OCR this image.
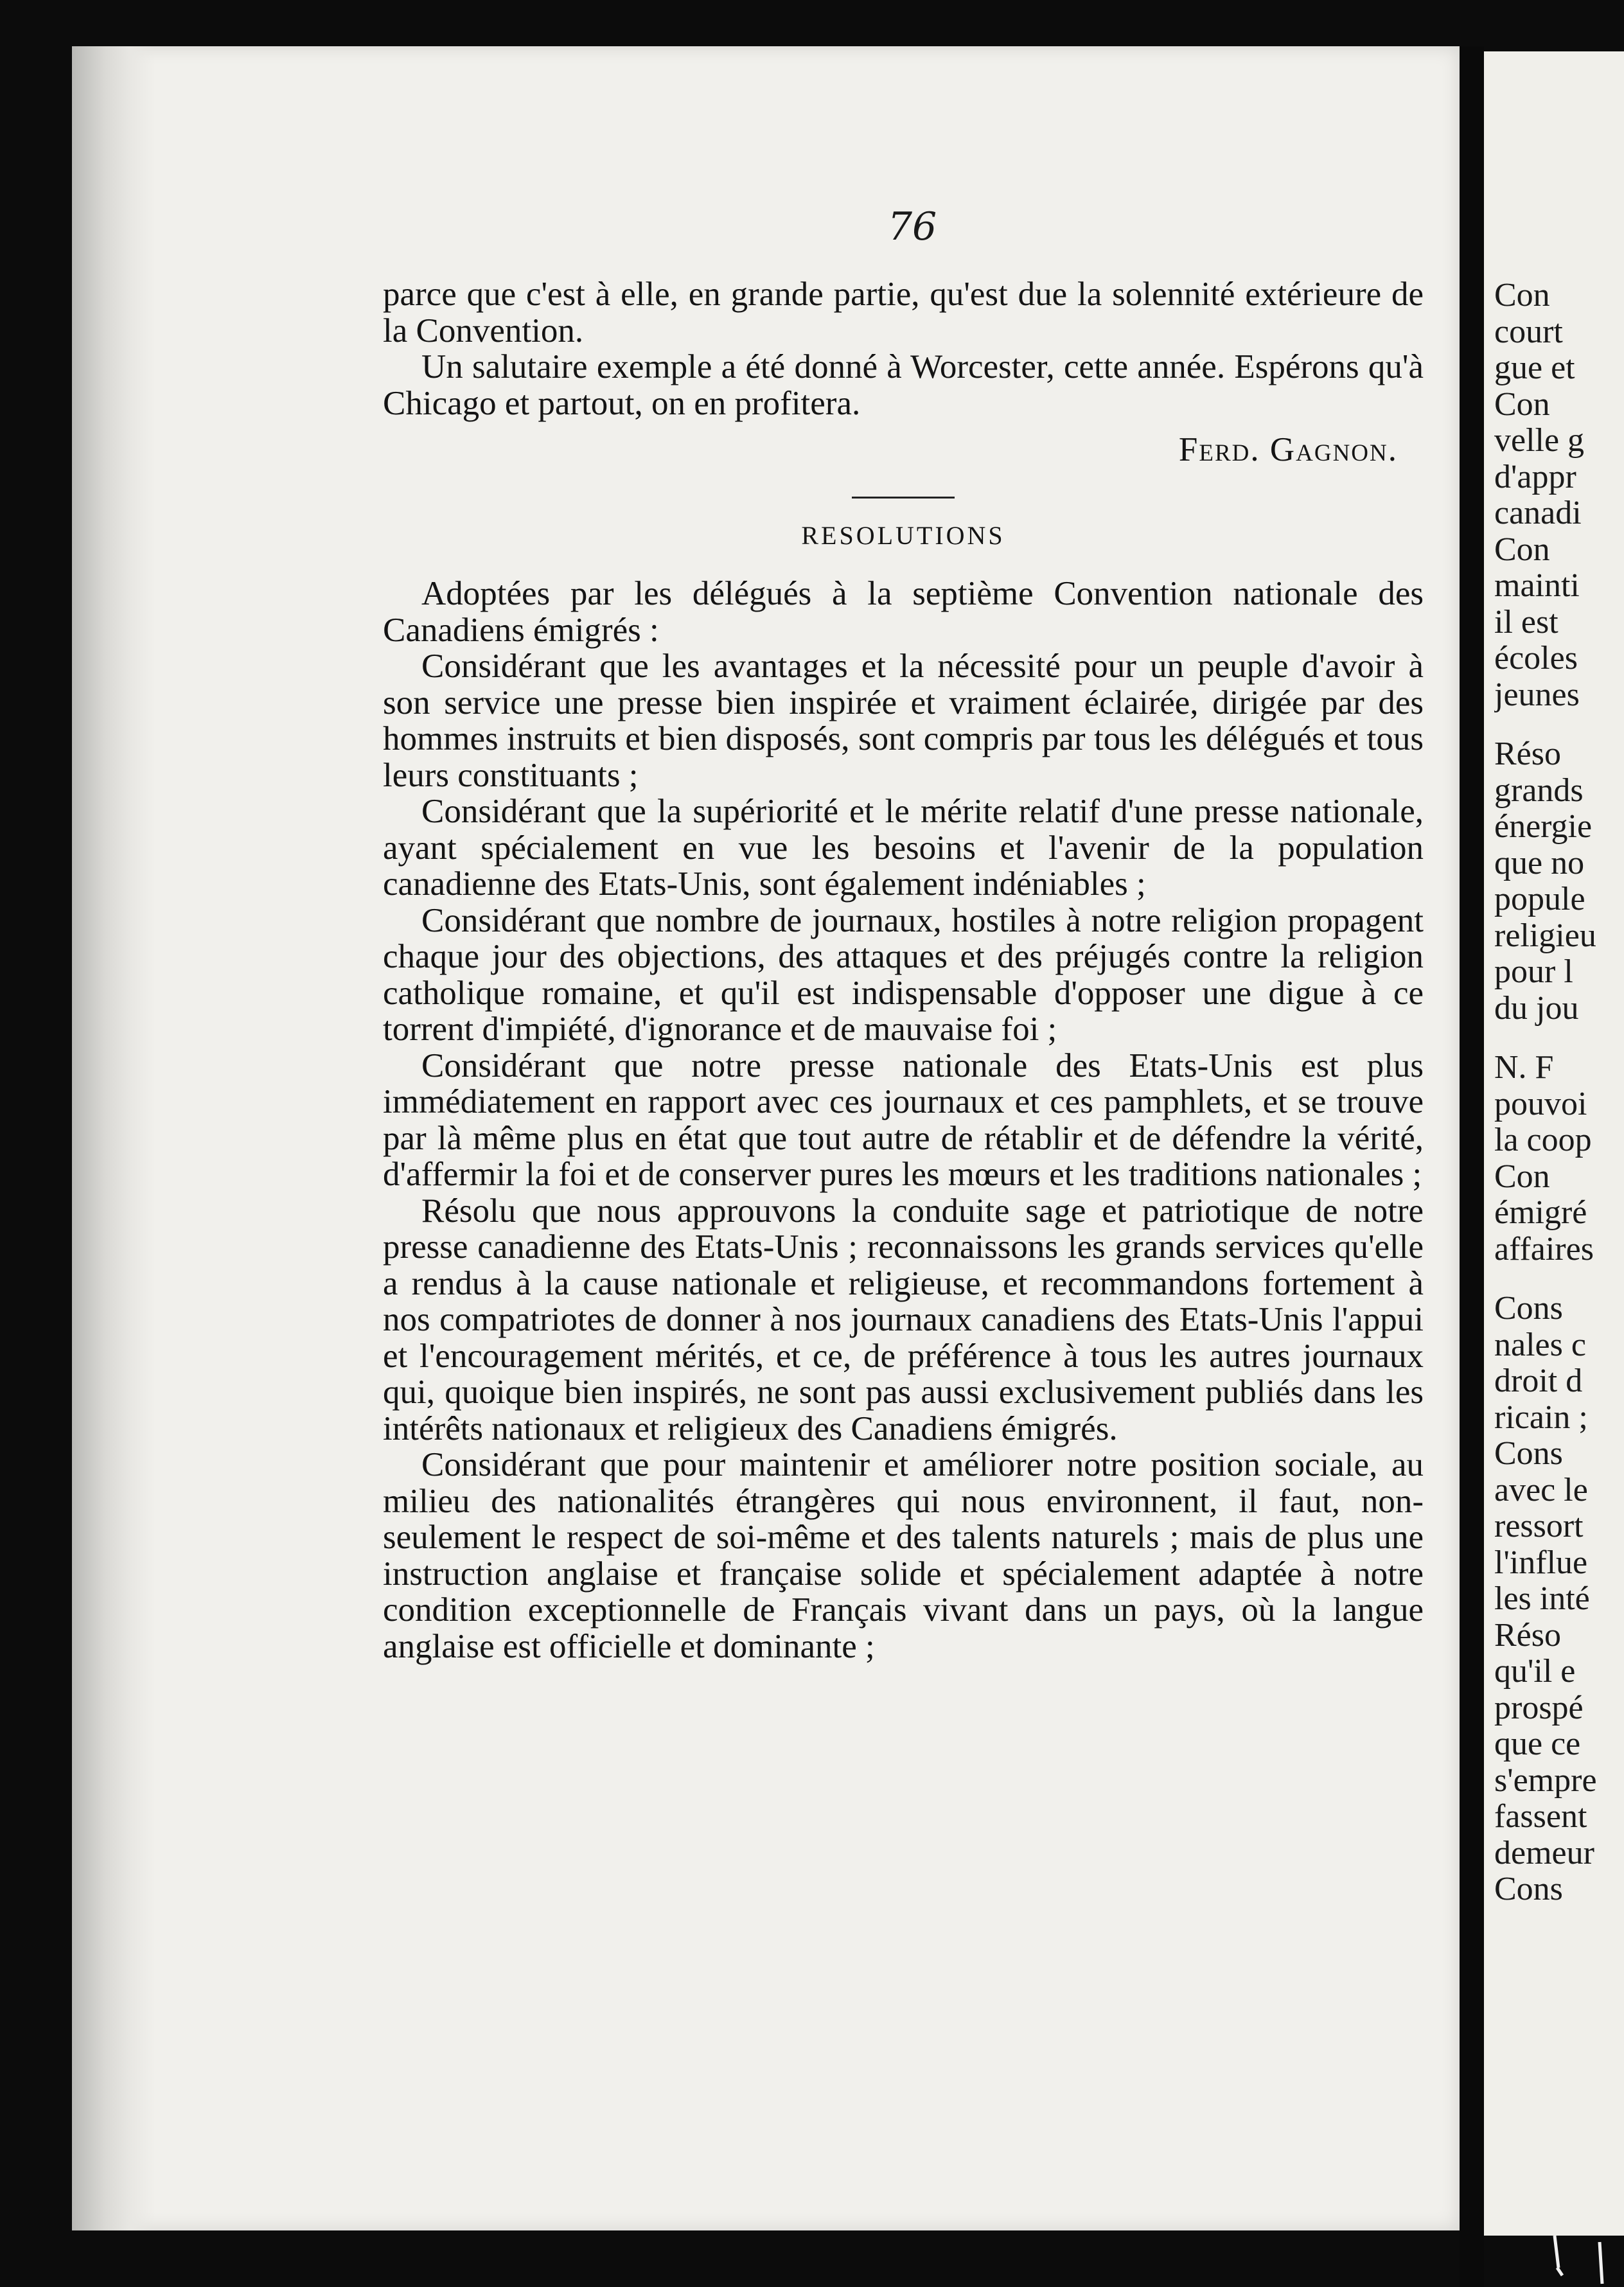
76

parce que c'est à elle, en grande partie, qu'est due la solennité extérieure de la Convention.

Un salutaire exemple a été donné à Worcester, cette année. Espérons qu'à Chicago et partout, on en profitera.

Ferd. Gagnon.
RESOLUTIONS

Adoptées par les délégués à la septième Convention nationale des Canadiens émigrés :

Considérant que les avantages et la nécessité pour un peuple d'avoir à son service une presse bien inspirée et vraiment éclairée, dirigée par des hommes instruits et bien disposés, sont compris par tous les délégués et tous leurs constituants ;

Considérant que la supériorité et le mérite relatif d'une presse nationale, ayant spécialement en vue les besoins et l'avenir de la population canadienne des Etats-Unis, sont également indéniables ;

Considérant que nombre de journaux, hostiles à notre religion propagent chaque jour des objections, des attaques et des préjugés contre la religion catholique romaine, et qu'il est indispensable d'opposer une digue à ce torrent d'impiété, d'ignorance et de mauvaise foi ;

Considérant que notre presse nationale des Etats-Unis est plus immédiatement en rapport avec ces journaux et ces pamphlets, et se trouve par là même plus en état que tout autre de rétablir et de défendre la vérité, d'affermir la foi et de conserver pures les mœurs et les traditions nationales ;

Résolu que nous approuvons la conduite sage et patriotique de notre presse canadienne des Etats-Unis ; reconnaissons les grands services qu'elle a rendus à la cause nationale et religieuse, et recommandons fortement à nos compatriotes de donner à nos journaux canadiens des Etats-Unis l'appui et l'encouragement mérités, et ce, de préférence à tous les autres journaux qui, quoique bien inspirés, ne sont pas aussi exclusivement publiés dans les intérêts nationaux et religieux des Canadiens émigrés.

Considérant que pour maintenir et améliorer notre position sociale, au milieu des nationalités étrangères qui nous environnent, il faut, non-seulement le respect de soi-même et des talents naturels ; mais de plus une instruction anglaise et française solide et spécialement adaptée à notre condition exceptionnelle de Français vivant dans un pays, où la langue anglaise est officielle et dominante ;

Con
court
gue et
Con
velle g
d'appr
canadi
Con
mainti
il est
écoles
jeunes
Réso
grands
énergie
que no
popule
religieu
pour l
du jou
N. F
pouvoi
la coop
Con
émigré
affaires
Cons
nales c
droit d
ricain ;
Cons
avec le
ressort
l'influe
les inté
Réso
qu'il e
prospé
que ce
s'empre
fassent
demeur
Cons
